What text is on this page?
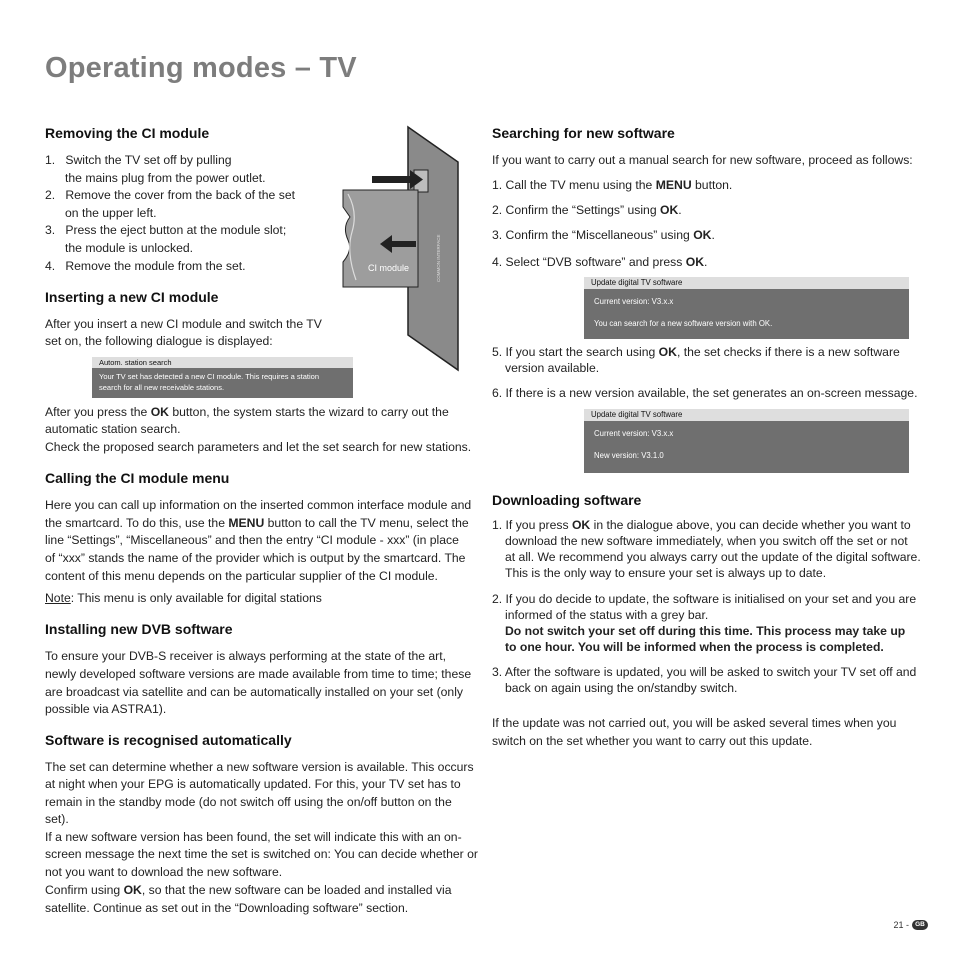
Operating modes – TV
Removing the CI module
1. Switch the TV set off by pulling
the mains plug from the power outlet.
2. Remove the cover from the back of the set
on the upper left.
3. Press the eject button at the module slot;
the module is unlocked.
4. Remove the module from the set.	CI module	COMMON INTERFACE
Inserting a new CI module
After you insert a new CI module and switch the TV
set on, the following dialogue is displayed:
Autom. station search
Your TV set has detected a new CI module. This requires a station
search for all new receivable stations.
After you press the OK button, the system starts the wizard to carry out the
automatic station search.
Check the proposed search parameters and let the set search for new stations.
Calling the CI module menu
Here you can call up information on the inserted common interface module and
the smartcard. To do this, use the MENU button to call the TV menu, select the
line “Settings”, “Miscellaneous” and then the entry “CI module - xxx” (in place
of “xxx” stands the name of the provider which is output by the smartcard. The
content of this menu depends on the particular supplier of the CI module.
Note: This menu is only available for digital stations
Installing new DVB software
To ensure your DVB-S receiver is always performing at the state of the art,
newly developed software versions are made available from time to time; these
are broadcast via satellite and can be automatically installed on your set (only
possible via ASTRA1).
Software is recognised automatically
The set can determine whether a new software version is available. This occurs
at night when your EPG is automatically updated. For this, your TV set has to
remain in the standby mode (do not switch off using the on/off button on the
set).
If a new software version has been found, the set will indicate this with an on-
screen message the next time the set is switched on: You can decide whether or
not you want to download the new software.
Confirm using OK, so that the new software can be loaded and installed via
satellite. Continue as set out in the “Downloading software” section.
Searching for new software
If you want to carry out a manual search for new software, proceed as follows:
1. Call the TV menu using the MENU button.
2. Confirm the “Settings” using OK.
3. Confirm the “Miscellaneous” using OK.
4. Select “DVB software” and press OK.
Update digital TV software
Current version: V3.x.x
You can search for a new software version with OK.
5. If you start the search using OK, the set checks if there is a new software
version available.
6. If there is a new version available, the set generates an on-screen message.
Update digital TV software
Current version: V3.x.x
New version: V3.1.0
Downloading software
1. If you press OK in the dialogue above, you can decide whether you want to
download the new software immediately, when you switch off the set or not
at all. We recommend you always carry out the update of the digital software.
This is the only way to ensure your set is always up to date.
2. If you do decide to update, the software is initialised on your set and you are
informed of the status with a grey bar.
Do not switch your set off during this time. This process may take up
to one hour. You will be informed when the process is completed.
3. After the software is updated, you will be asked to switch your TV set off and
back on again using the on/standby switch.
If the update was not carried out, you will be asked several times when you
switch on the set whether you want to carry out this update.
21 - GB
